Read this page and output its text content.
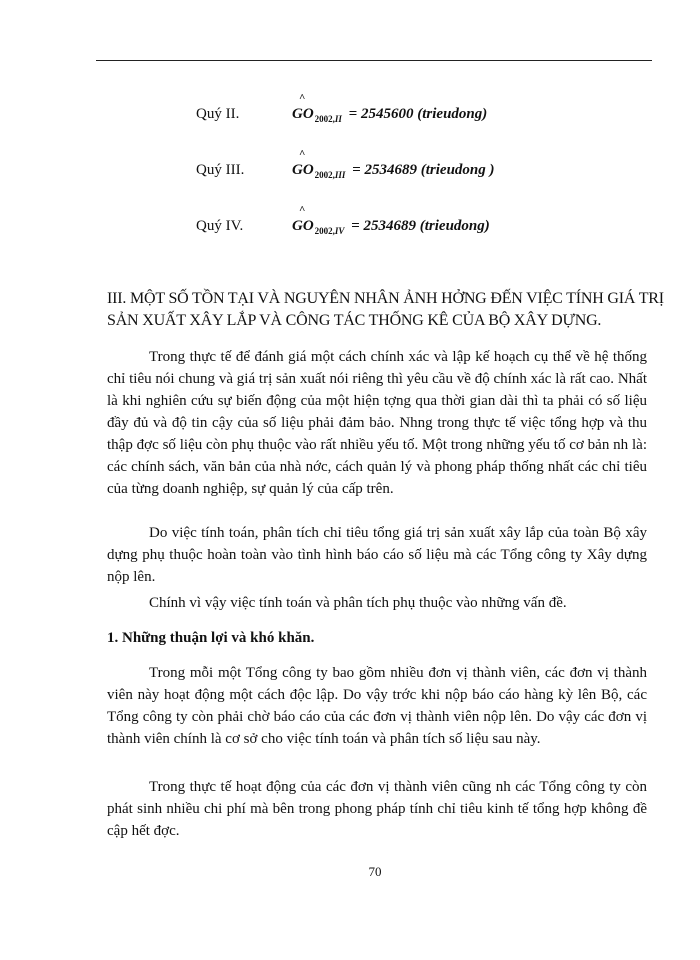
Quý II.
^
$GO_{2002,II} = 2545600$ (trieudong)
Quý III.
^
$GO_{2002,III} = 2534689$ (trieudong )
Quý IV.
^
$GO_{2002,IV} = 2534689$ (trieudong)
III. MỘT SỐ TỒN TẠI VÀ NGUYÊN NHÂN ẢNH HỞNG ĐẾN VIỆC TÍNH GIÁ TRỊ SẢN XUẤT XÂY LẮP VÀ CÔNG TÁC THỐNG KÊ CỦA BỘ XÂY DỰNG.

Trong thực tế để đánh giá một cách chính xác và lập kế hoạch cụ thể về hệ thống chỉ tiêu nói chung và giá trị sản xuất nói riêng thì yêu cầu về độ chính xác là rất cao. Nhất là khi nghiên cứu sự biến động của một hiện tợng qua thời gian dài thì ta phải có số liệu đầy đủ và độ tin cậy của số liệu phải đảm bảo. Nhng trong thực tế việc tổng hợp và thu thập đợc số liệu còn phụ thuộc vào rất nhiều yếu tố. Một trong những yếu tố cơ bản nh là: các chính sách, văn bản của nhà nớc, cách quản lý và phong pháp thống nhất các chỉ tiêu của từng doanh nghiệp, sự quản lý của cấp trên.

Do việc tính toán, phân tích chỉ tiêu tổng giá trị sản xuất xây lắp của toàn Bộ xây dựng phụ thuộc hoàn toàn vào tình hình báo cáo số liệu mà các Tổng công ty Xây dựng nộp lên.

Chính vì vậy việc tính toán và phân tích phụ thuộc vào những vấn đề.

1. Những thuận lợi và khó khăn.

Trong mỗi một Tổng công ty bao gồm nhiều đơn vị thành viên, các đơn vị thành viên này hoạt động một cách độc lập. Do vậy trớc khi nộp báo cáo hàng kỳ lên Bộ, các Tổng công ty còn phải chờ báo cáo của các đơn vị thành viên nộp lên. Do vậy các đơn vị thành viên chính là cơ sở cho việc tính toán và phân tích số liệu sau này.

Trong thực tế hoạt động của các đơn vị thành viên cũng nh các Tổng công ty còn phát sinh nhiều chi phí mà bên trong phong pháp tính chỉ tiêu kinh tế tổng hợp không đề cập hết đợc.

70
